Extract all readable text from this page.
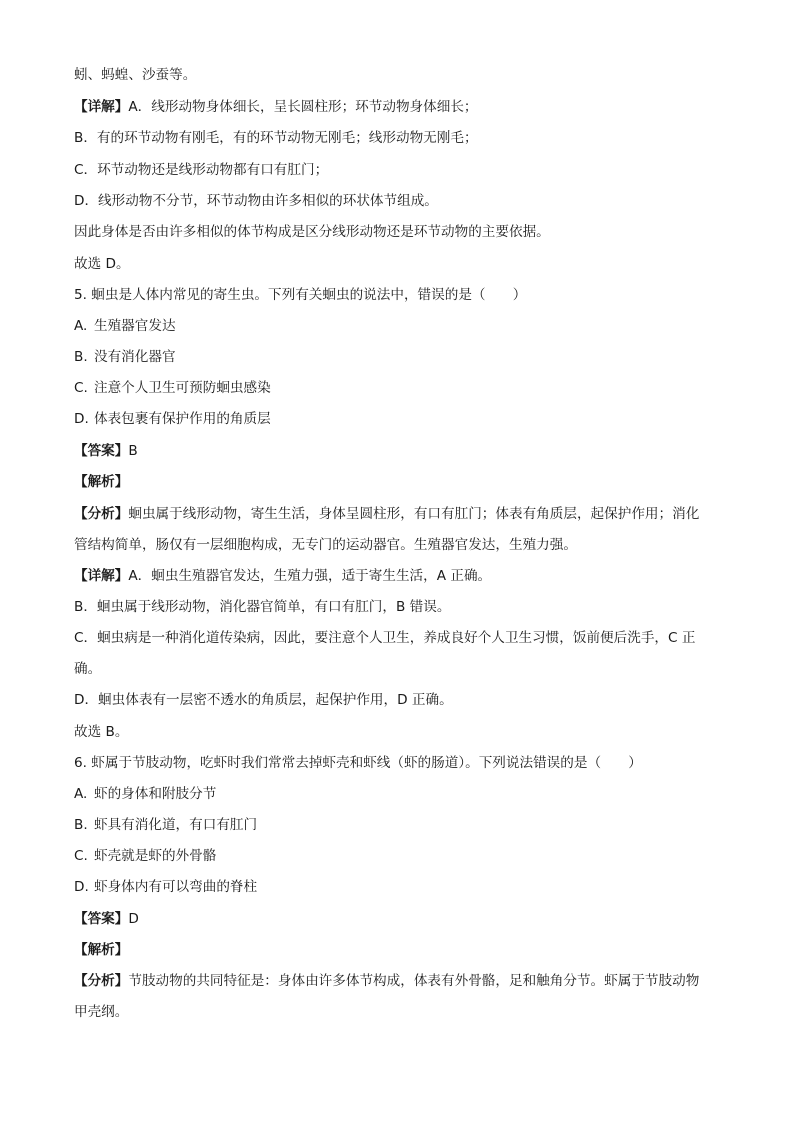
蚓、蚂蝗、沙蚕等。
【详解】A．线形动物身体细长，呈长圆柱形；环节动物身体细长；
B．有的环节动物有刚毛，有的环节动物无刚毛；线形动物无刚毛；
C．环节动物还是线形动物都有口有肛门；
D．线形动物不分节，环节动物由许多相似的环状体节组成。
因此身体是否由许多相似的体节构成是区分线形动物还是环节动物的主要依据。
故选 D。
5. 蛔虫是人体内常见的寄生虫。下列有关蛔虫的说法中，错误的是（　　）
A. 生殖器官发达
B. 没有消化器官
C. 注意个人卫生可预防蛔虫感染
D. 体表包裹有保护作用的角质层
【答案】B
【解析】
【分析】蛔虫属于线形动物，寄生生活，身体呈圆柱形，有口有肛门；体表有角质层，起保护作用；消化
管结构简单，肠仅有一层细胞构成，无专门的运动器官。生殖器官发达，生殖力强。
【详解】A．蛔虫生殖器官发达，生殖力强，适于寄生生活，A 正确。
B．蛔虫属于线形动物，消化器官简单，有口有肛门，B 错误。
C．蛔虫病是一种消化道传染病，因此，要注意个人卫生，养成良好个人卫生习惯，饭前便后洗手，C 正
确。
D．蛔虫体表有一层密不透水的角质层，起保护作用，D 正确。
故选 B。
6. 虾属于节肢动物，吃虾时我们常常去掉虾壳和虾线（虾的肠道）。下列说法错误的是（　　）
A. 虾的身体和附肢分节
B. 虾具有消化道，有口有肛门
C. 虾壳就是虾的外骨骼
D. 虾身体内有可以弯曲的脊柱
【答案】D
【解析】
【分析】节肢动物的共同特征是：身体由许多体节构成，体表有外骨骼，足和触角分节。虾属于节肢动物
甲壳纲。
